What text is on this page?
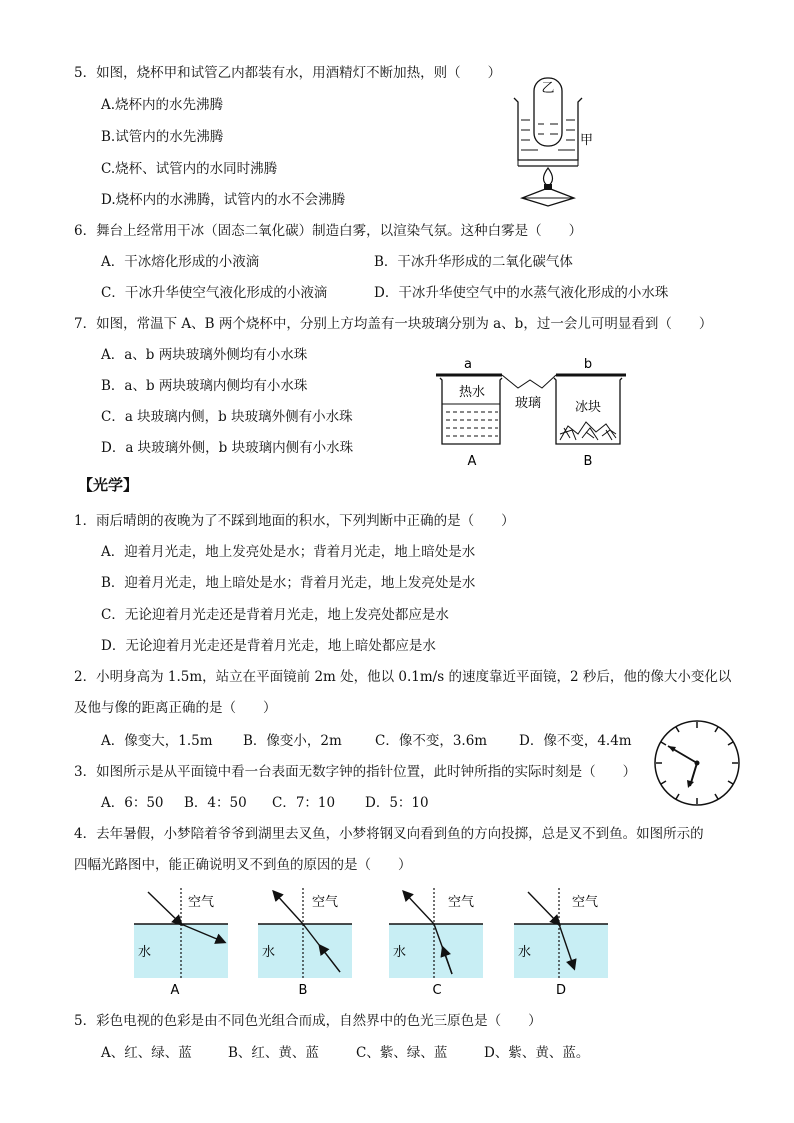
5．如图，烧杯甲和试管乙内都装有水，用酒精灯不断加热，则（　　）
A.烧杯内的水先沸腾
B.试管内的水先沸腾
C.烧杯、试管内的水同时沸腾
D.烧杯内的水沸腾，试管内的水不会沸腾
乙
甲
6．舞台上经常用干冰（固态二氧化碳）制造白雾，以渲染气氛。这种白雾是（　　）
A．干冰熔化形成的小液滴	B．干冰升华形成的二氧化碳气体
C．干冰升华使空气液化形成的小液滴	D．干冰升华使空气中的水蒸气液化形成的小水珠
7．如图，常温下 A、B 两个烧杯中，分别上方均盖有一块玻璃分别为 a、b，过一会儿可明显看到（　　）
A．a、b 两块玻璃外侧均有小水珠
B．a、b 两块玻璃内侧均有小水珠
C．a 块玻璃内侧，b 块玻璃外侧有小水珠
D．a 块玻璃外侧，b 块玻璃内侧有小水珠
a	b
玻璃
热水
A
冰块
B
【光学】
1．雨后晴朗的夜晚为了不踩到地面的积水，下列判断中正确的是（　　）
A．迎着月光走，地上发亮处是水；背着月光走，地上暗处是水
B．迎着月光走，地上暗处是水；背着月光走，地上发亮处是水
C．无论迎着月光走还是背着月光走，地上发亮处都应是水
D．无论迎着月光走还是背着月光走，地上暗处都应是水
2．小明身高为 1.5m，站立在平面镜前 2m 处，他以 0.1m/s 的速度靠近平面镜，2 秒后，他的像大小变化以
及他与像的距离正确的是（　　）
A．像变大，1.5m B．像变小，2m C．像不变，3.6m D．像不变，4.4m
3．如图所示是从平面镜中看一台表面无数字钟的指针位置，此时钟所指的实际时刻是（　　）
A．6：50 B．4：50 C．7：10 D．5：10
4．去年暑假，小梦陪着爷爷到湖里去叉鱼，小梦将钢叉向看到鱼的方向投掷，总是叉不到鱼。如图所示的
四幅光路图中，能正确说明叉不到鱼的原因的是（　　）
空气
水
A
空气
水
B
空气
水
C
空气
水
D
5．彩色电视的色彩是由不同色光组合而成，自然界中的色光三原色是（　　）
A、红、绿、蓝	B、红、黄、蓝	C、紫、绿、蓝	D、紫、黄、蓝。
